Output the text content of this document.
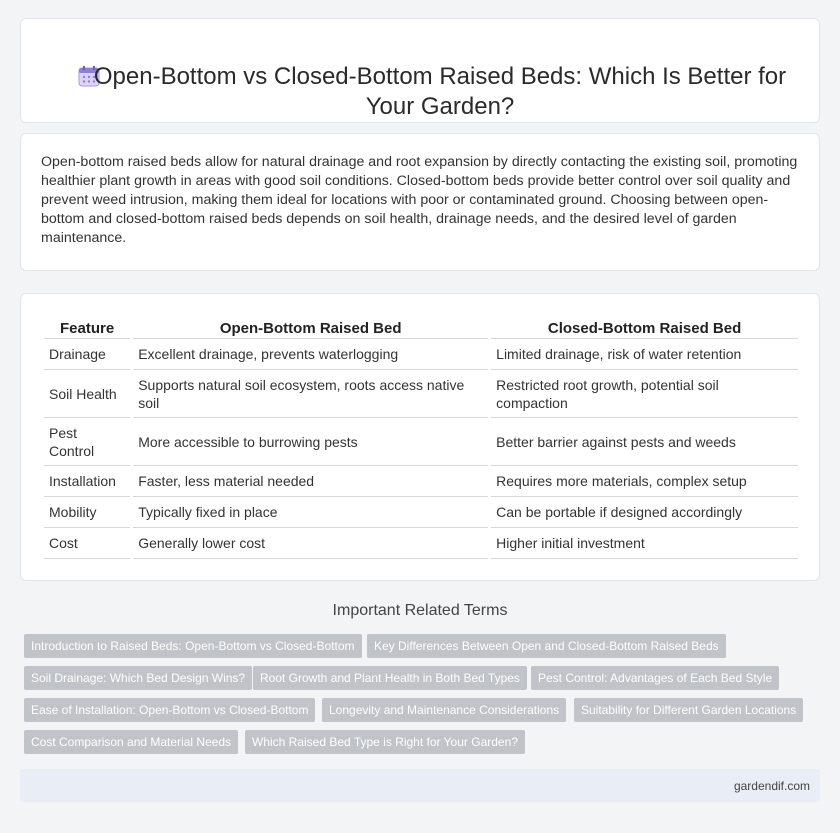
Open-Bottom vs Closed-Bottom Raised Beds: Which Is Better for Your Garden?

Open-bottom raised beds allow for natural drainage and root expansion by directly contacting the existing soil, promoting healthier plant growth in areas with good soil conditions. Closed-bottom beds provide better control over soil quality and prevent weed intrusion, making them ideal for locations with poor or contaminated ground. Choosing between open-bottom and closed-bottom raised beds depends on soil health, drainage needs, and the desired level of garden maintenance.

Feature	Open-Bottom Raised Bed	Closed-Bottom Raised Bed
Drainage	Excellent drainage, prevents waterlogging	Limited drainage, risk of water retention
Soil Health	Supports natural soil ecosystem, roots access native soil	Restricted root growth, potential soil compaction
Pest Control	More accessible to burrowing pests	Better barrier against pests and weeds
Installation	Faster, less material needed	Requires more materials, complex setup
Mobility	Typically fixed in place	Can be portable if designed accordingly
Cost	Generally lower cost	Higher initial investment
Important Related Terms
Introduction to Raised Beds: Open-Bottom vs Closed-Bottom	Key Differences Between Open and Closed-Bottom Raised Beds
Soil Drainage: Which Bed Design Wins?	Root Growth and Plant Health in Both Bed Types	Pest Control: Advantages of Each Bed Style
Ease of Installation: Open-Bottom vs Closed-Bottom	Longevity and Maintenance Considerations	Suitability for Different Garden Locations
Cost Comparison and Material Needs	Which Raised Bed Type is Right for Your Garden?
gardendif.com
